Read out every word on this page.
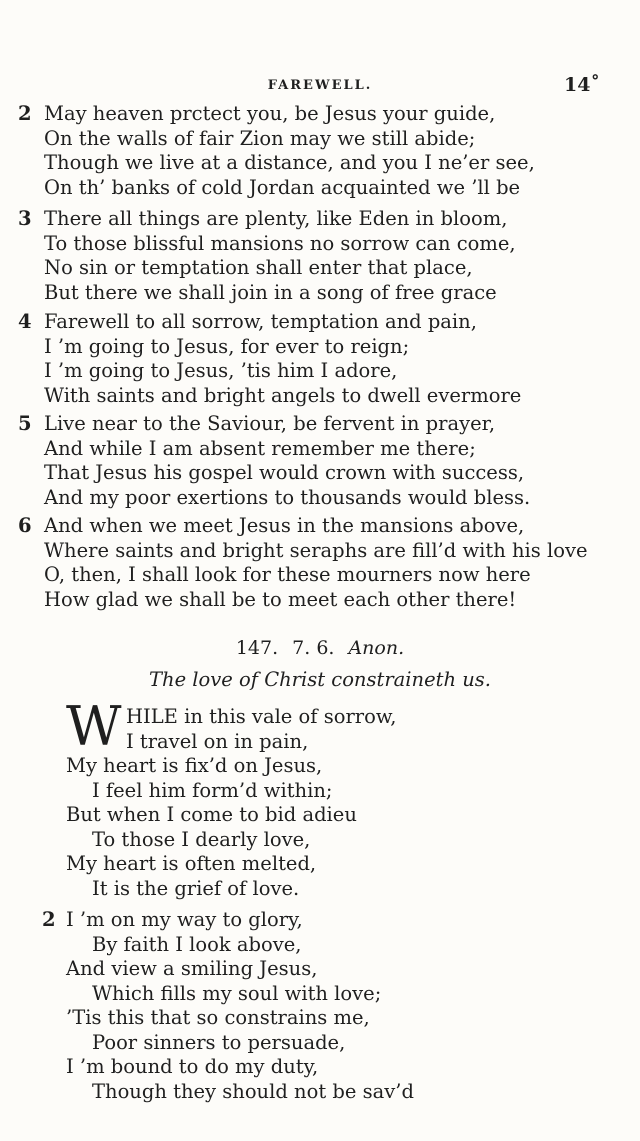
FAREWELL.	14˚
2 May heaven prctect you, be Jesus your guide,
On the walls of fair Zion may we still abide;
Though we live at a distance, and you I ne’er see,
On th’ banks of cold Jordan acquainted we ’ll be
3 There all things are plenty, like Eden in bloom,
To those blissful mansions no sorrow can come,
No sin or temptation shall enter that place,
But there we shall join in a song of free grace
4 Farewell to all sorrow, temptation and pain,
I ’m going to Jesus, for ever to reign;
I ’m going to Jesus, ’tis him I adore,
With saints and bright angels to dwell evermore
5 Live near to the Saviour, be fervent in prayer,
And while I am absent remember me there;
That Jesus his gospel would crown with success,
And my poor exertions to thousands would bless.
6 And when we meet Jesus in the mansions above,
Where saints and bright seraphs are fill’d with his love
O, then, I shall look for these mourners now here
How glad we shall be to meet each other there!
147. 7. 6. Anon.
The love of Christ constraineth us.
W HILE in this vale of sorrow,
I travel on in pain,
My heart is fix’d on Jesus,
I feel him form’d within;
But when I come to bid adieu
To those I dearly love,
My heart is often melted,
It is the grief of love.
2 I ’m on my way to glory,
By faith I look above,
And view a smiling Jesus,
Which fills my soul with love;
’Tis this that so constrains me,
Poor sinners to persuade,
I ’m bound to do my duty,
Though they should not be sav’d
